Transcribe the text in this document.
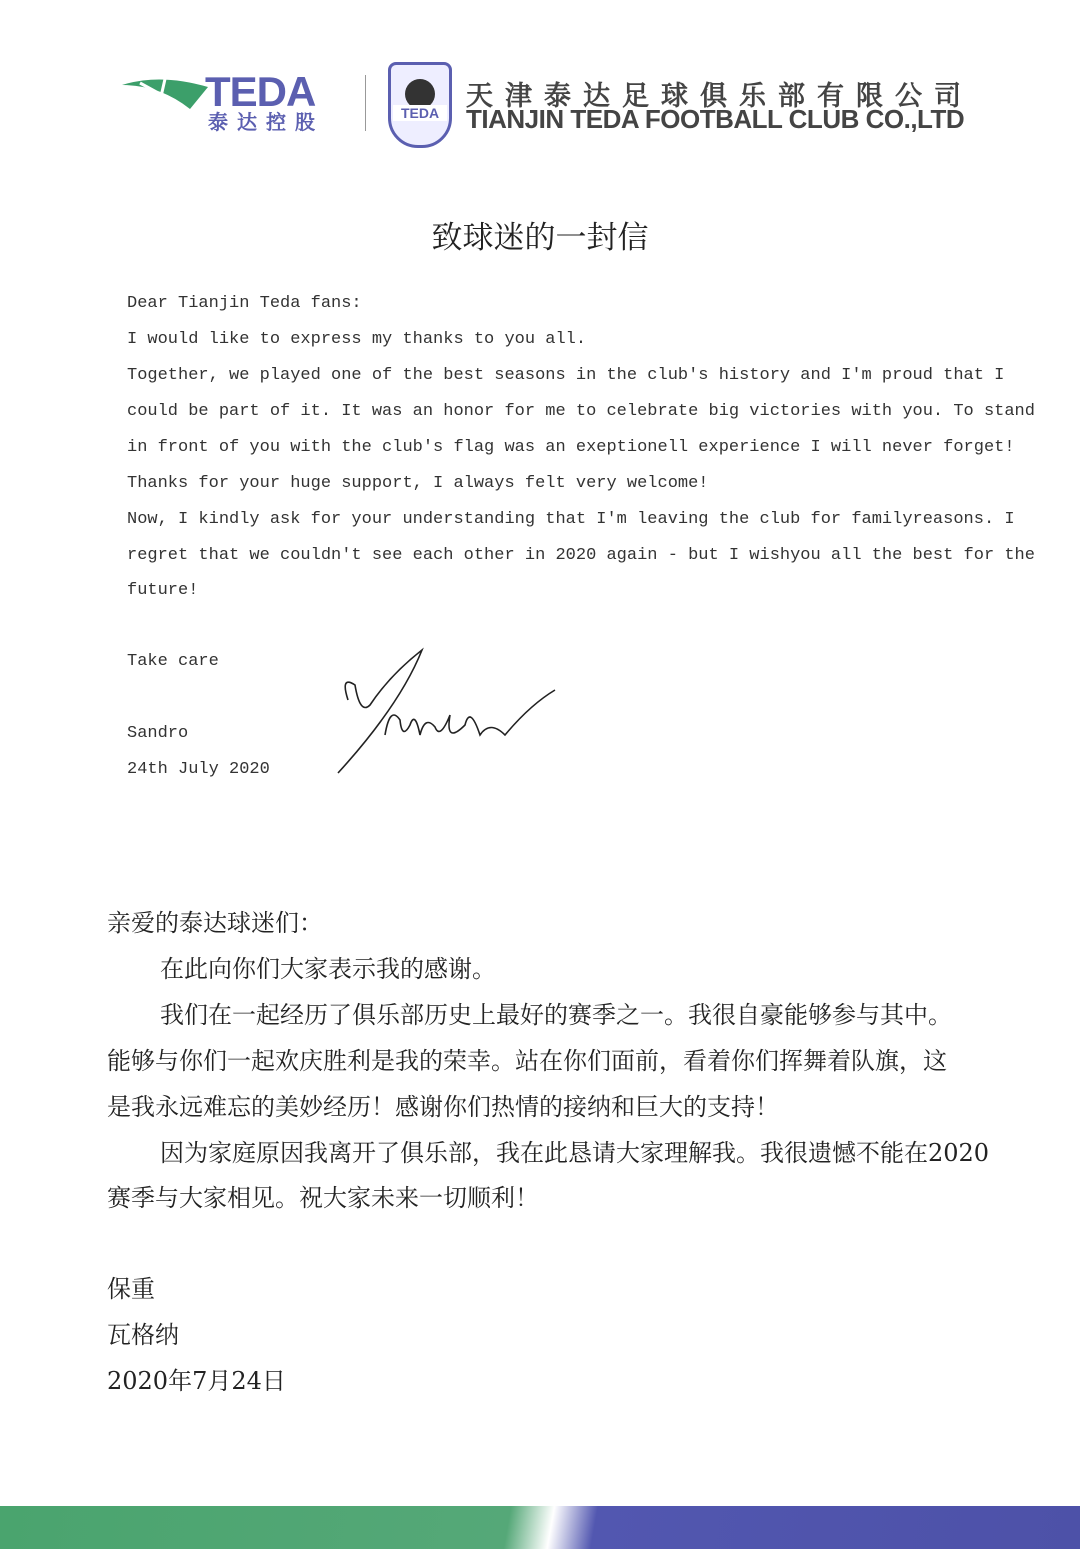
TEDA
泰达控股	TEDA
天津泰达足球俱乐部有限公司
TIANJIN TEDA FOOTBALL CLUB CO.,LTD
致球迷的一封信
Dear Tianjin Teda fans:
I would like to express my thanks to you all.
Together, we played one of the best seasons in the club's history and I'm proud that I
could be part of it. It was an honor for me to celebrate big victories with you. To stand
in front of you with the club's flag was an exeptionell experience I will never forget!
Thanks for your huge support, I always felt very welcome!
Now, I kindly ask for your understanding that I'm leaving the club for familyreasons. I
regret that we couldn't see each other in 2020 again - but I wishyou all the best for the
future!
Take care
Sandro
24th July 2020
亲爱的泰达球迷们：
在此向你们大家表示我的感谢。
我们在一起经历了俱乐部历史上最好的赛季之一。我很自豪能够参与其中。
能够与你们一起欢庆胜利是我的荣幸。站在你们面前，看着你们挥舞着队旗，这
是我永远难忘的美妙经历！感谢你们热情的接纳和巨大的支持！
因为家庭原因我离开了俱乐部，我在此恳请大家理解我。我很遗憾不能在2020
赛季与大家相见。祝大家未来一切顺利！
保重
瓦格纳
2020年7月24日
